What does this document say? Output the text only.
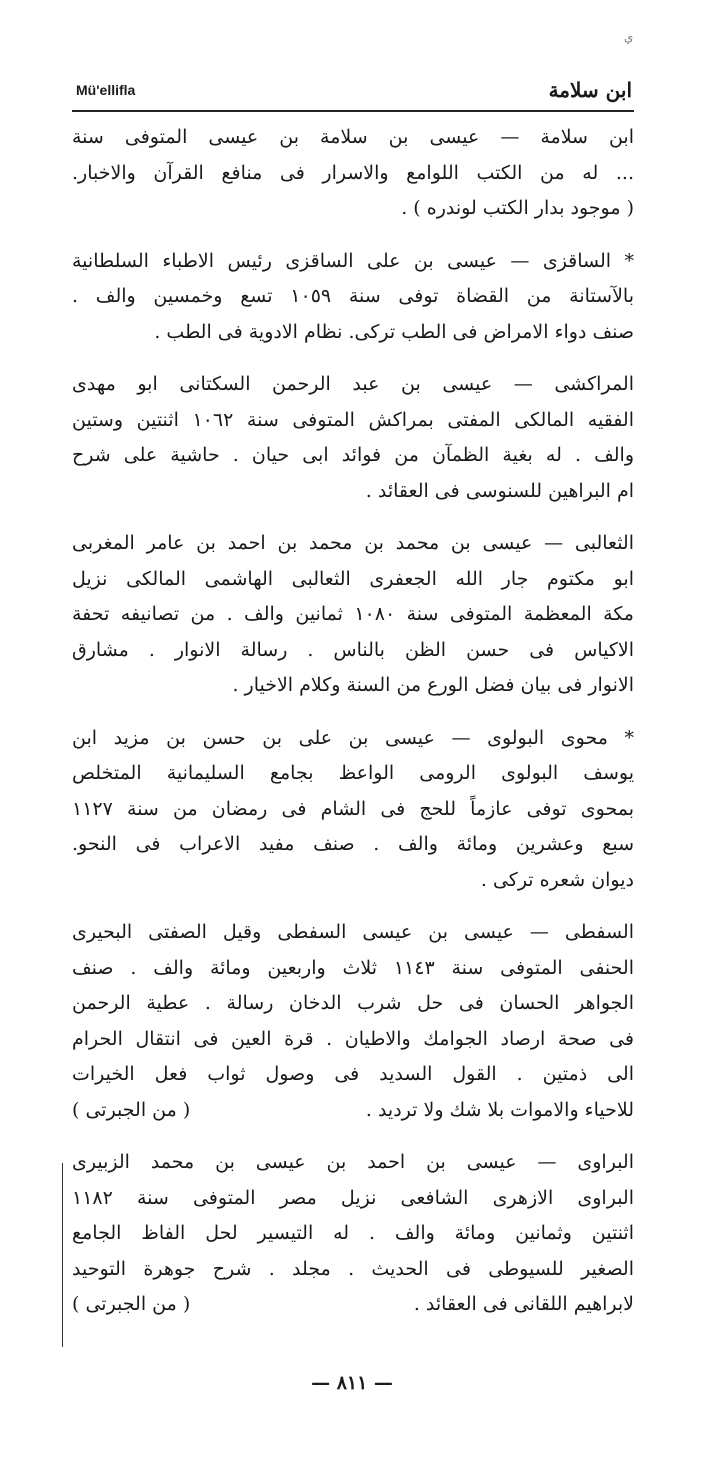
ي
Mü'ellifla	ابن سلامة
ابن سلامة — عيسى بن سلامة بن عيسى المتوفى سنة
... له من الكتب اللوامع والاسرار فى منافع القرآن والاخبار.
( موجود بدار الكتب لوندره ) .
* الساقزى — عيسى بن على الساقزى رئيس الاطباء السلطانية
بالآستانة من القضاة توفى سنة ١٠٥٩ تسع وخمسين والف .
صنف دواء الامراض فى الطب تركى. نظام الادوية فى الطب .
المراكشى — عيسى بن عبد الرحمن السكتانى ابو مهدى
الفقيه المالكى المفتى بمراكش المتوفى سنة ١٠٦٢ اثنتين وستين
والف . له بغية الظمآن من فوائد ابى حيان . حاشية على شرح
ام البراهين للسنوسى فى العقائد .
الثعالبى — عيسى بن محمد بن محمد بن احمد بن عامر المغربى
ابو مكتوم جار الله الجعفرى الثعالبى الهاشمى المالكى نزيل
مكة المعظمة المتوفى سنة ١٠٨٠ ثمانين والف . من تصانيفه تحفة
الاكياس فى حسن الظن بالناس . رسالة الانوار . مشارق
الانوار فى بيان فضل الورع من السنة وكلام الاخيار .
* محوى البولوى — عيسى بن على بن حسن بن مزيد ابن
يوسف البولوى الرومى الواعظ بجامع السليمانية المتخلص
بمحوى توفى عازماً للحج فى الشام فى رمضان من سنة ١١٢٧
سبع وعشرين ومائة والف . صنف مفيد الاعراب فى النحو.
ديوان شعره تركى .
السفطى — عيسى بن عيسى السفطى وقيل الصفتى البحيرى
الحنفى المتوفى سنة ١١٤٣ ثلاث واربعين ومائة والف . صنف
الجواهر الحسان فى حل شرب الدخان رسالة . عطية الرحمن
فى صحة ارصاد الجوامك والاطيان . قرة العين فى انتقال الحرام
الى ذمتين . القول السديد فى وصول ثواب فعل الخيرات
للاحياء والاموات بلا شك ولا ترديد .
( من الجبرتى )
البراوى — عيسى بن احمد بن عيسى بن محمد الزبيرى
البراوى الازهرى الشافعى نزيل مصر المتوفى سنة ١١٨٢
اثنتين وثمانين ومائة والف . له التيسير لحل الفاظ الجامع
الصغير للسيوطى فى الحديث . مجلد . شرح جوهرة التوحيد
لابراهيم اللقانى فى العقائد .
( من الجبرتى )
— ٨١١ —
